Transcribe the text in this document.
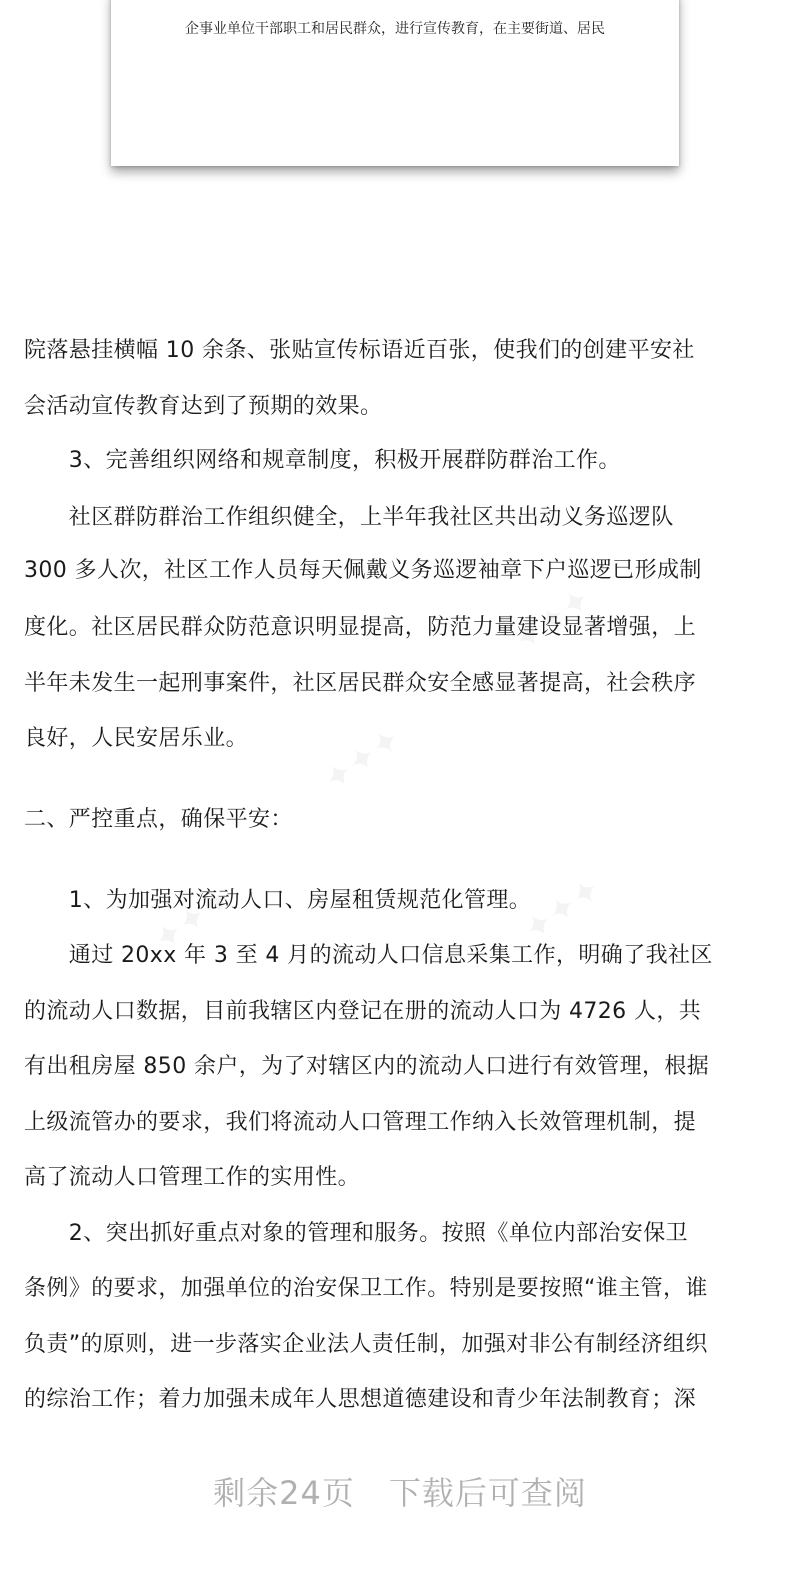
企事业单位干部职工和居民群众，进行宣传教育，在主要街道、居民
院落悬挂横幅 10 余条、张贴宣传标语近百张，使我们的创建平安社
会活动宣传教育达到了预期的效果。
　　3、完善组织网络和规章制度，积极开展群防群治工作。
　　社区群防群治工作组织健全，上半年我社区共出动义务巡逻队
300 多人次，社区工作人员每天佩戴义务巡逻袖章下户巡逻已形成制
度化。社区居民群众防范意识明显提高，防范力量建设显著增强，上
半年未发生一起刑事案件，社区居民群众安全感显著提高，社会秩序
良好，人民安居乐业。
二、严控重点，确保平安：
　　1、为加强对流动人口、房屋租赁规范化管理。
　　通过 20xx 年 3 至 4 月的流动人口信息采集工作，明确了我社区
的流动人口数据，目前我辖区内登记在册的流动人口为 4726 人，共
有出租房屋 850 余户，为了对辖区内的流动人口进行有效管理，根据
上级流管办的要求，我们将流动人口管理工作纳入长效管理机制，提
高了流动人口管理工作的实用性。
　　2、突出抓好重点对象的管理和服务。按照《单位内部治安保卫
条例》的要求，加强单位的治安保卫工作。特别是要按照“谁主管，谁
负责”的原则，进一步落实企业法人责任制，加强对非公有制经济组织
的综治工作；着力加强未成年人思想道德建设和青少年法制教育；深
剩余24页 下载后可查阅
